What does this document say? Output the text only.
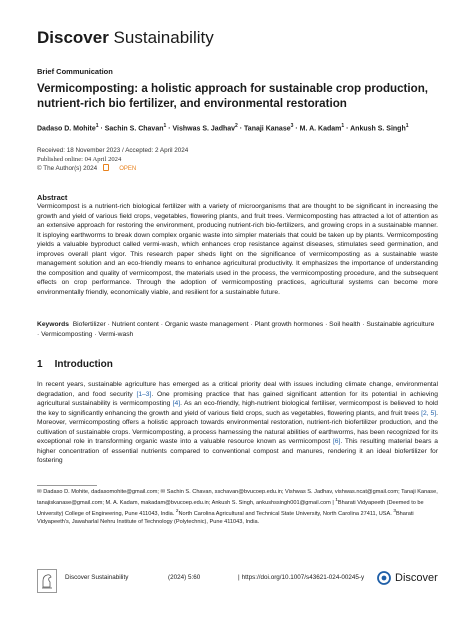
Discover Sustainability
Brief Communication
Vermicomposting: a holistic approach for sustainable crop production, nutrient-rich bio fertilizer, and environmental restoration
Dadaso D. Mohite$^1$ · Sachin S. Chavan$^1$ · Vishwas S. Jadhav$^2$ · Tanaji Kanase$^3$ · M. A. Kadam$^1$ · Ankush S. Singh$^1$
Received: 18 November 2023 / Accepted: 2 April 2024
Published online: 04 April 2024
© The Author(s) 2024	OPEN
Abstract
Vermicompost is a nutrient-rich biological fertilizer with a variety of microorganisms that are thought to be significant in increasing the growth and yield of various field crops, vegetables, flowering plants, and fruit trees. Vermicomposting has attracted a lot of attention as an extensive approach for restoring the environment, producing nutrient-rich bio-fertilizers, and growing crops in a sustainable manner. It isploying earthworms to break down complex organic waste into simpler materials that could be taken up by plants. Vermicomposting yields a valuable byproduct called vermi-wash, which enhances crop resistance against diseases, stimulates seed germination, and improves overall plant vigor. This research paper sheds light on the significance of vermicomposting as a sustainable waste management solution and an eco-friendly means to enhance agricultural productivity. It emphasizes the importance of understanding the composition and quality of vermicompost, the materials used in the process, the vermicomposting procedure, and the subsequent effects on crop performance. Through the adoption of vermicomposting practices, agricultural systems can become more environmentally friendly, economically viable, and resilient for a sustainable future.
Keywords Biofertilizer · Nutrient content · Organic waste management · Plant growth hormones · Soil health · Sustainable agriculture · Vermicomposting · Vermi-wash
1 Introduction
In recent years, sustainable agriculture has emerged as a critical priority deal with issues including climate change, environmental degradation, and food security [1–3]. One promising practice that has gained significant attention for its potential in achieving agricultural sustainability is vermicomposting [4]. As an eco-friendly, high-nutrient biological fertiliser, vermicompost is believed to hold the key to significantly enhancing the growth and yield of various field crops, such as vegetables, flowering plants, and fruit trees [2, 5]. Moreover, vermicomposting offers a holistic approach towards environmental restoration, nutrient-rich biofertilizer production, and the cultivation of sustainable crops. Vermicomposting, a process harnessing the natural abilities of earthworms, has been recognized for its exceptional role in transforming organic waste into a valuable resource known as vermicompost [6]. This resulting material bears a higher concentration of essential nutrients compared to conventional compost and manures, rendering it an ideal biofertilizer for fostering
✉ Dadaso D. Mohite, dadasomohite@gmail.com; ✉ Sachin S. Chavan, sschavan@bvucoep.edu.in; Vishwas S. Jadhav, vishwas.ncat@gmail.com; Tanaji Kanase, tanajiskanase@gmail.com; M. A. Kadam, makadam@bvucoep.edu.in; Ankush S. Singh, ankushssingh001@gmail.com | $^1$Bharati Vidyapeeth (Deemed to be University) College of Engineering, Pune 411043, India. $^2$North Carolina Agricultural and Technical State University, North Carolina 27411, USA. $^3$Bharati Vidyapeeth's, Jawaharlal Nehru Institute of Technology (Polytechnic), Pune 411043, India.
Discover Sustainability	(2024) 5:60	| https://doi.org/10.1007/s43621-024-00245-y	Discover
